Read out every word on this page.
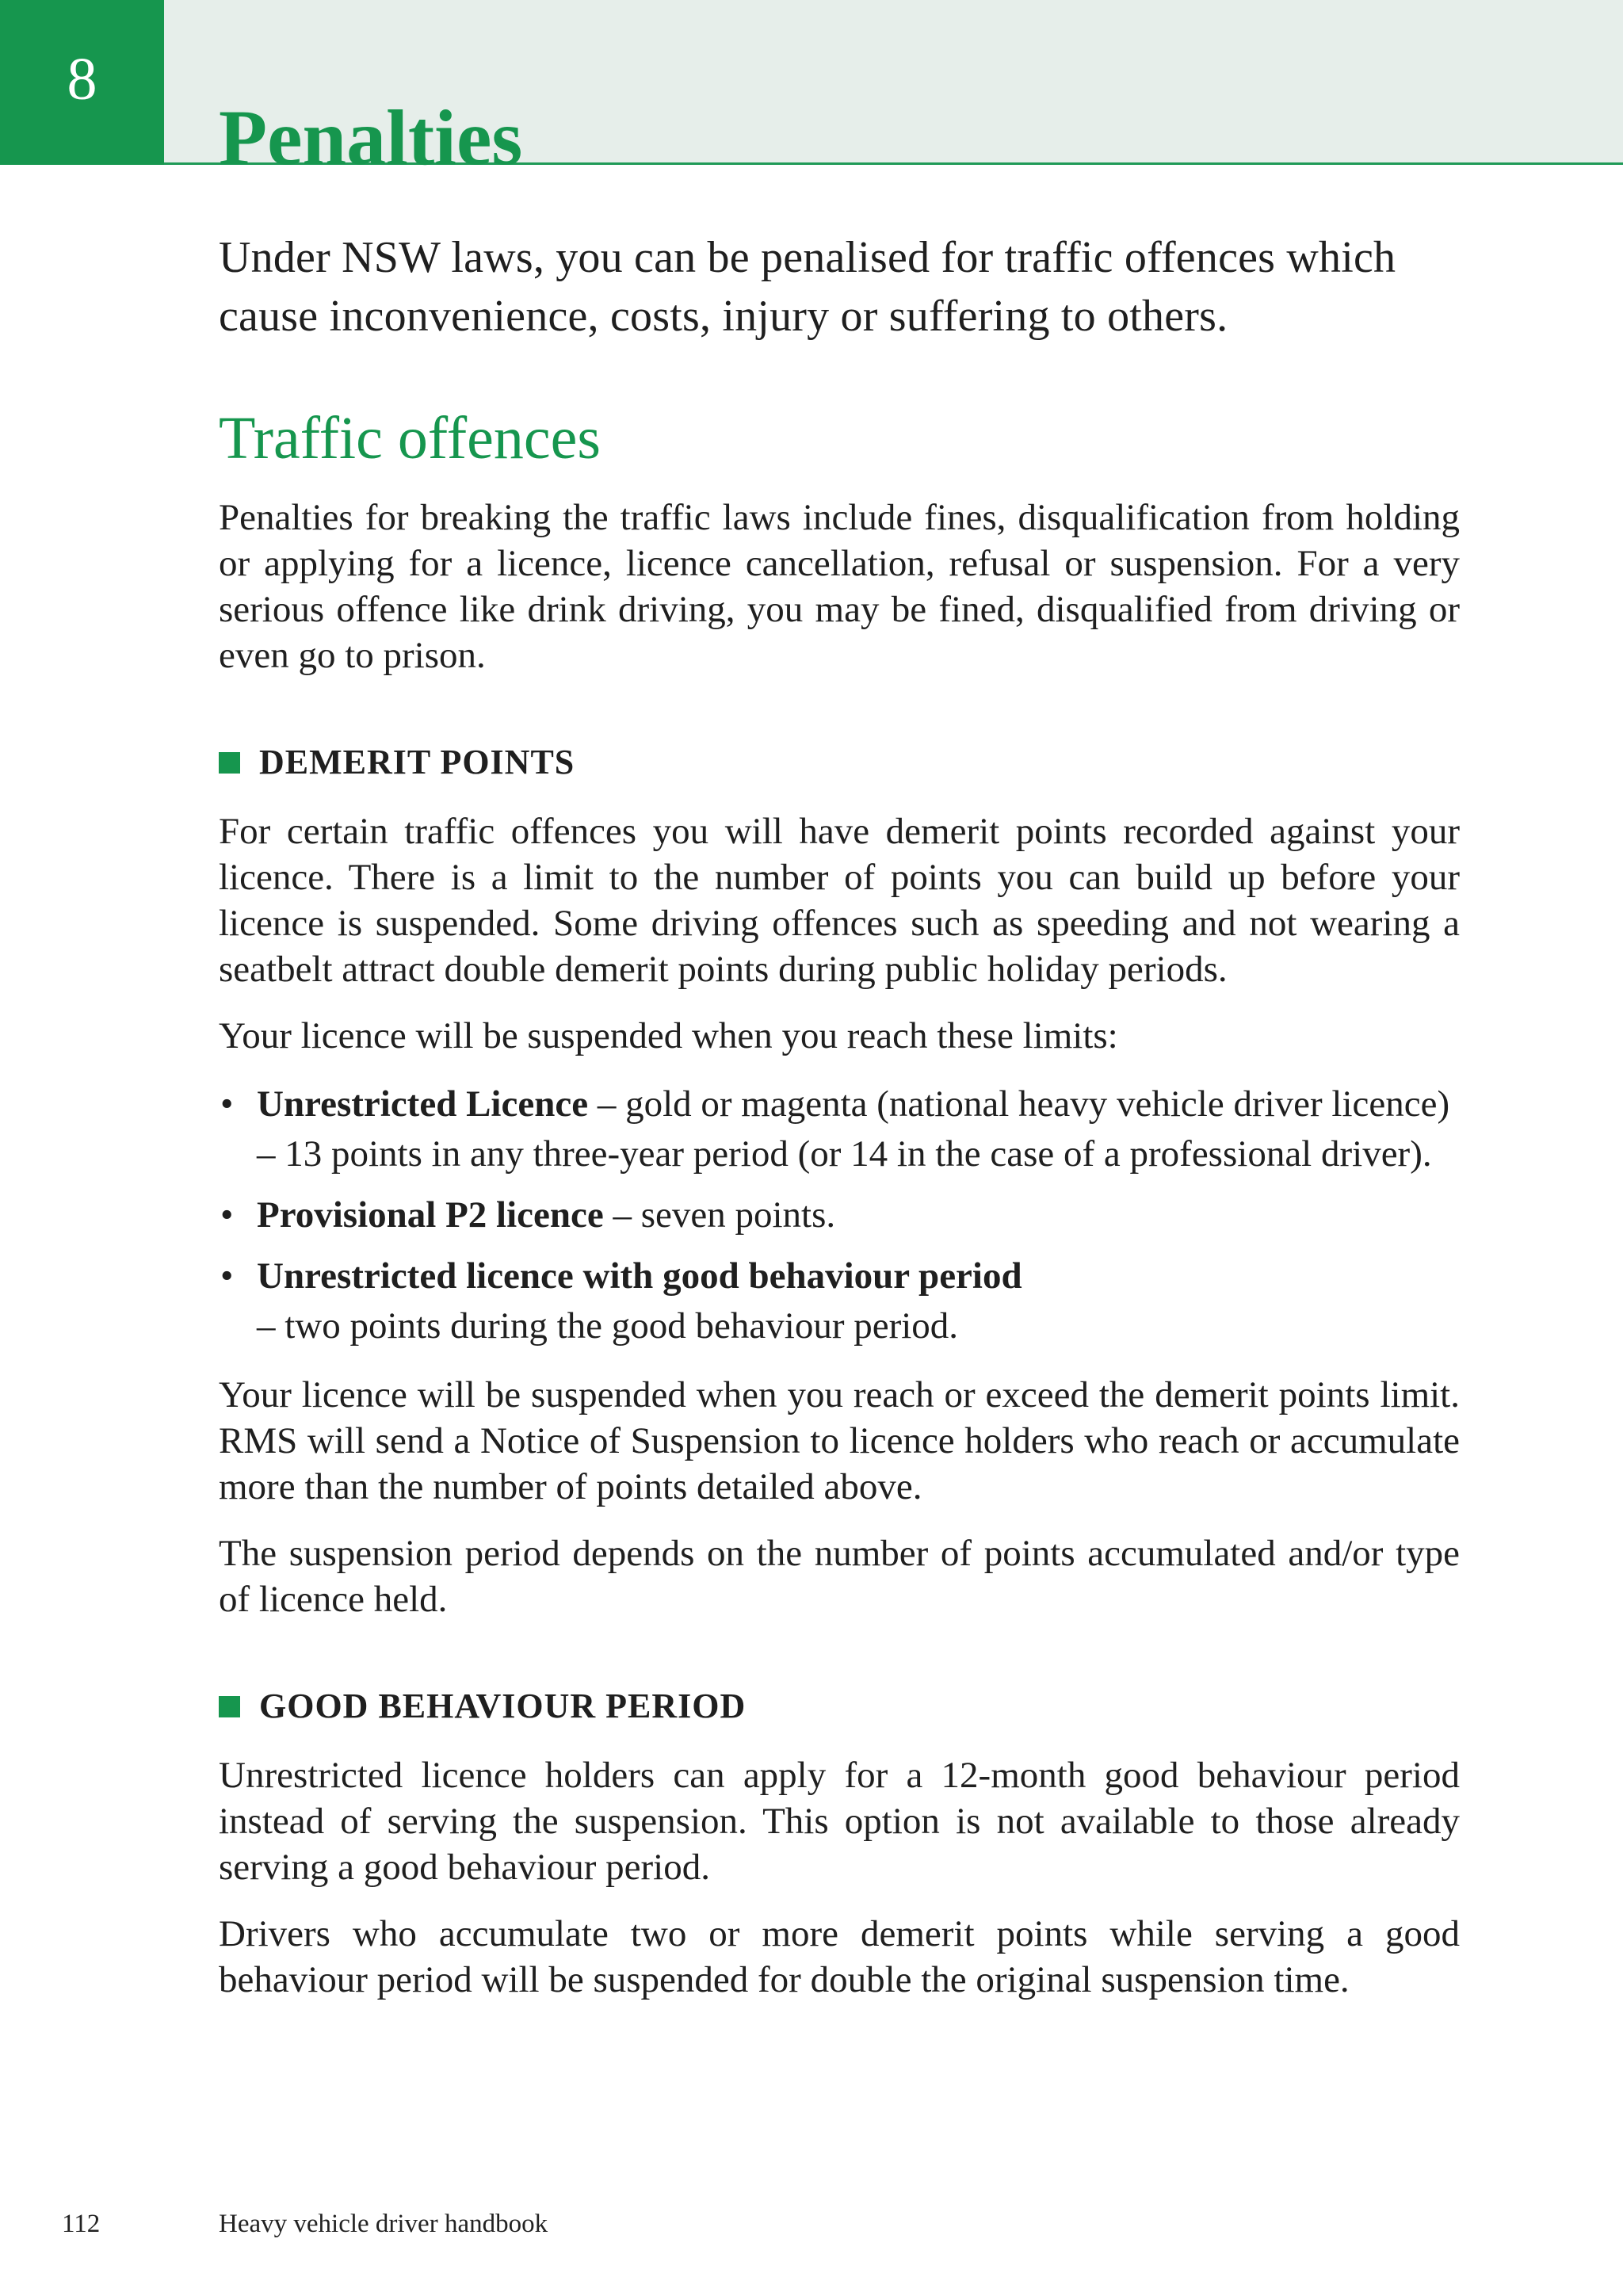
8
Penalties

Under NSW laws, you can be penalised for traffic offences which cause inconvenience, costs, injury or suffering to others.

Traffic offences

Penalties for breaking the traffic laws include fines, disqualification from holding or applying for a licence, licence cancellation, refusal or suspension. For a very serious offence like drink driving, you may be fined, disqualified from driving or even go to prison.

DEMERIT POINTS

For certain traffic offences you will have demerit points recorded against your licence. There is a limit to the number of points you can build up before your licence is suspended. Some driving offences such as speeding and not wearing a seatbelt attract double demerit points during public holiday periods.

Your licence will be suspended when you reach these limits:

• Unrestricted Licence – gold or magenta (national heavy vehicle driver licence) – 13 points in any three-year period (or 14 in the case of a professional driver).
• Provisional P2 licence – seven points.
• Unrestricted licence with good behaviour period
– two points during the good behaviour period.

Your licence will be suspended when you reach or exceed the demerit points limit. RMS will send a Notice of Suspension to licence holders who reach or accumulate more than the number of points detailed above.

The suspension period depends on the number of points accumulated and/or type of licence held.

GOOD BEHAVIOUR PERIOD

Unrestricted licence holders can apply for a 12-month good behaviour period instead of serving the suspension. This option is not available to those already serving a good behaviour period.

Drivers who accumulate two or more demerit points while serving a good behaviour period will be suspended for double the original suspension time.

112	Heavy vehicle driver handbook
